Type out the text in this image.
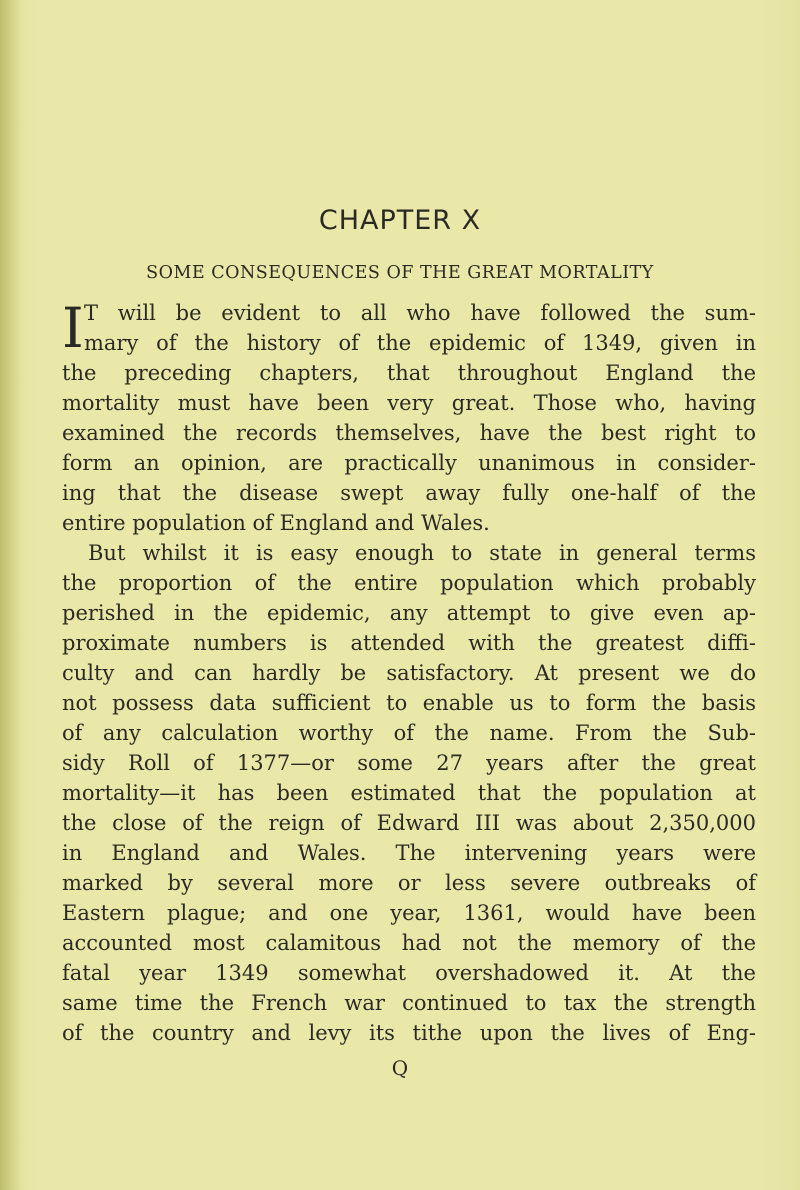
CHAPTER X
SOME CONSEQUENCES OF THE GREAT MORTALITY
I T will be evident to all who have followed the sum-
mary of the history of the epidemic of 1349, given in
the preceding chapters, that throughout England the
mortality must have been very great. Those who, having
examined the records themselves, have the best right to
form an opinion, are practically unanimous in consider-
ing that the disease swept away fully one-half of the
entire population of England and Wales.
But whilst it is easy enough to state in general terms
the proportion of the entire population which probably
perished in the epidemic, any attempt to give even ap-
proximate numbers is attended with the greatest diffi-
culty and can hardly be satisfactory. At present we do
not possess data sufficient to enable us to form the basis
of any calculation worthy of the name. From the Sub-
sidy Roll of 1377—or some 27 years after the great
mortality—it has been estimated that the population at
the close of the reign of Edward III was about 2,350,000
in England and Wales. The intervening years were
marked by several more or less severe outbreaks of
Eastern plague; and one year, 1361, would have been
accounted most calamitous had not the memory of the
fatal year 1349 somewhat overshadowed it. At the
same time the French war continued to tax the strength
of the country and levy its tithe upon the lives of Eng-
Q
